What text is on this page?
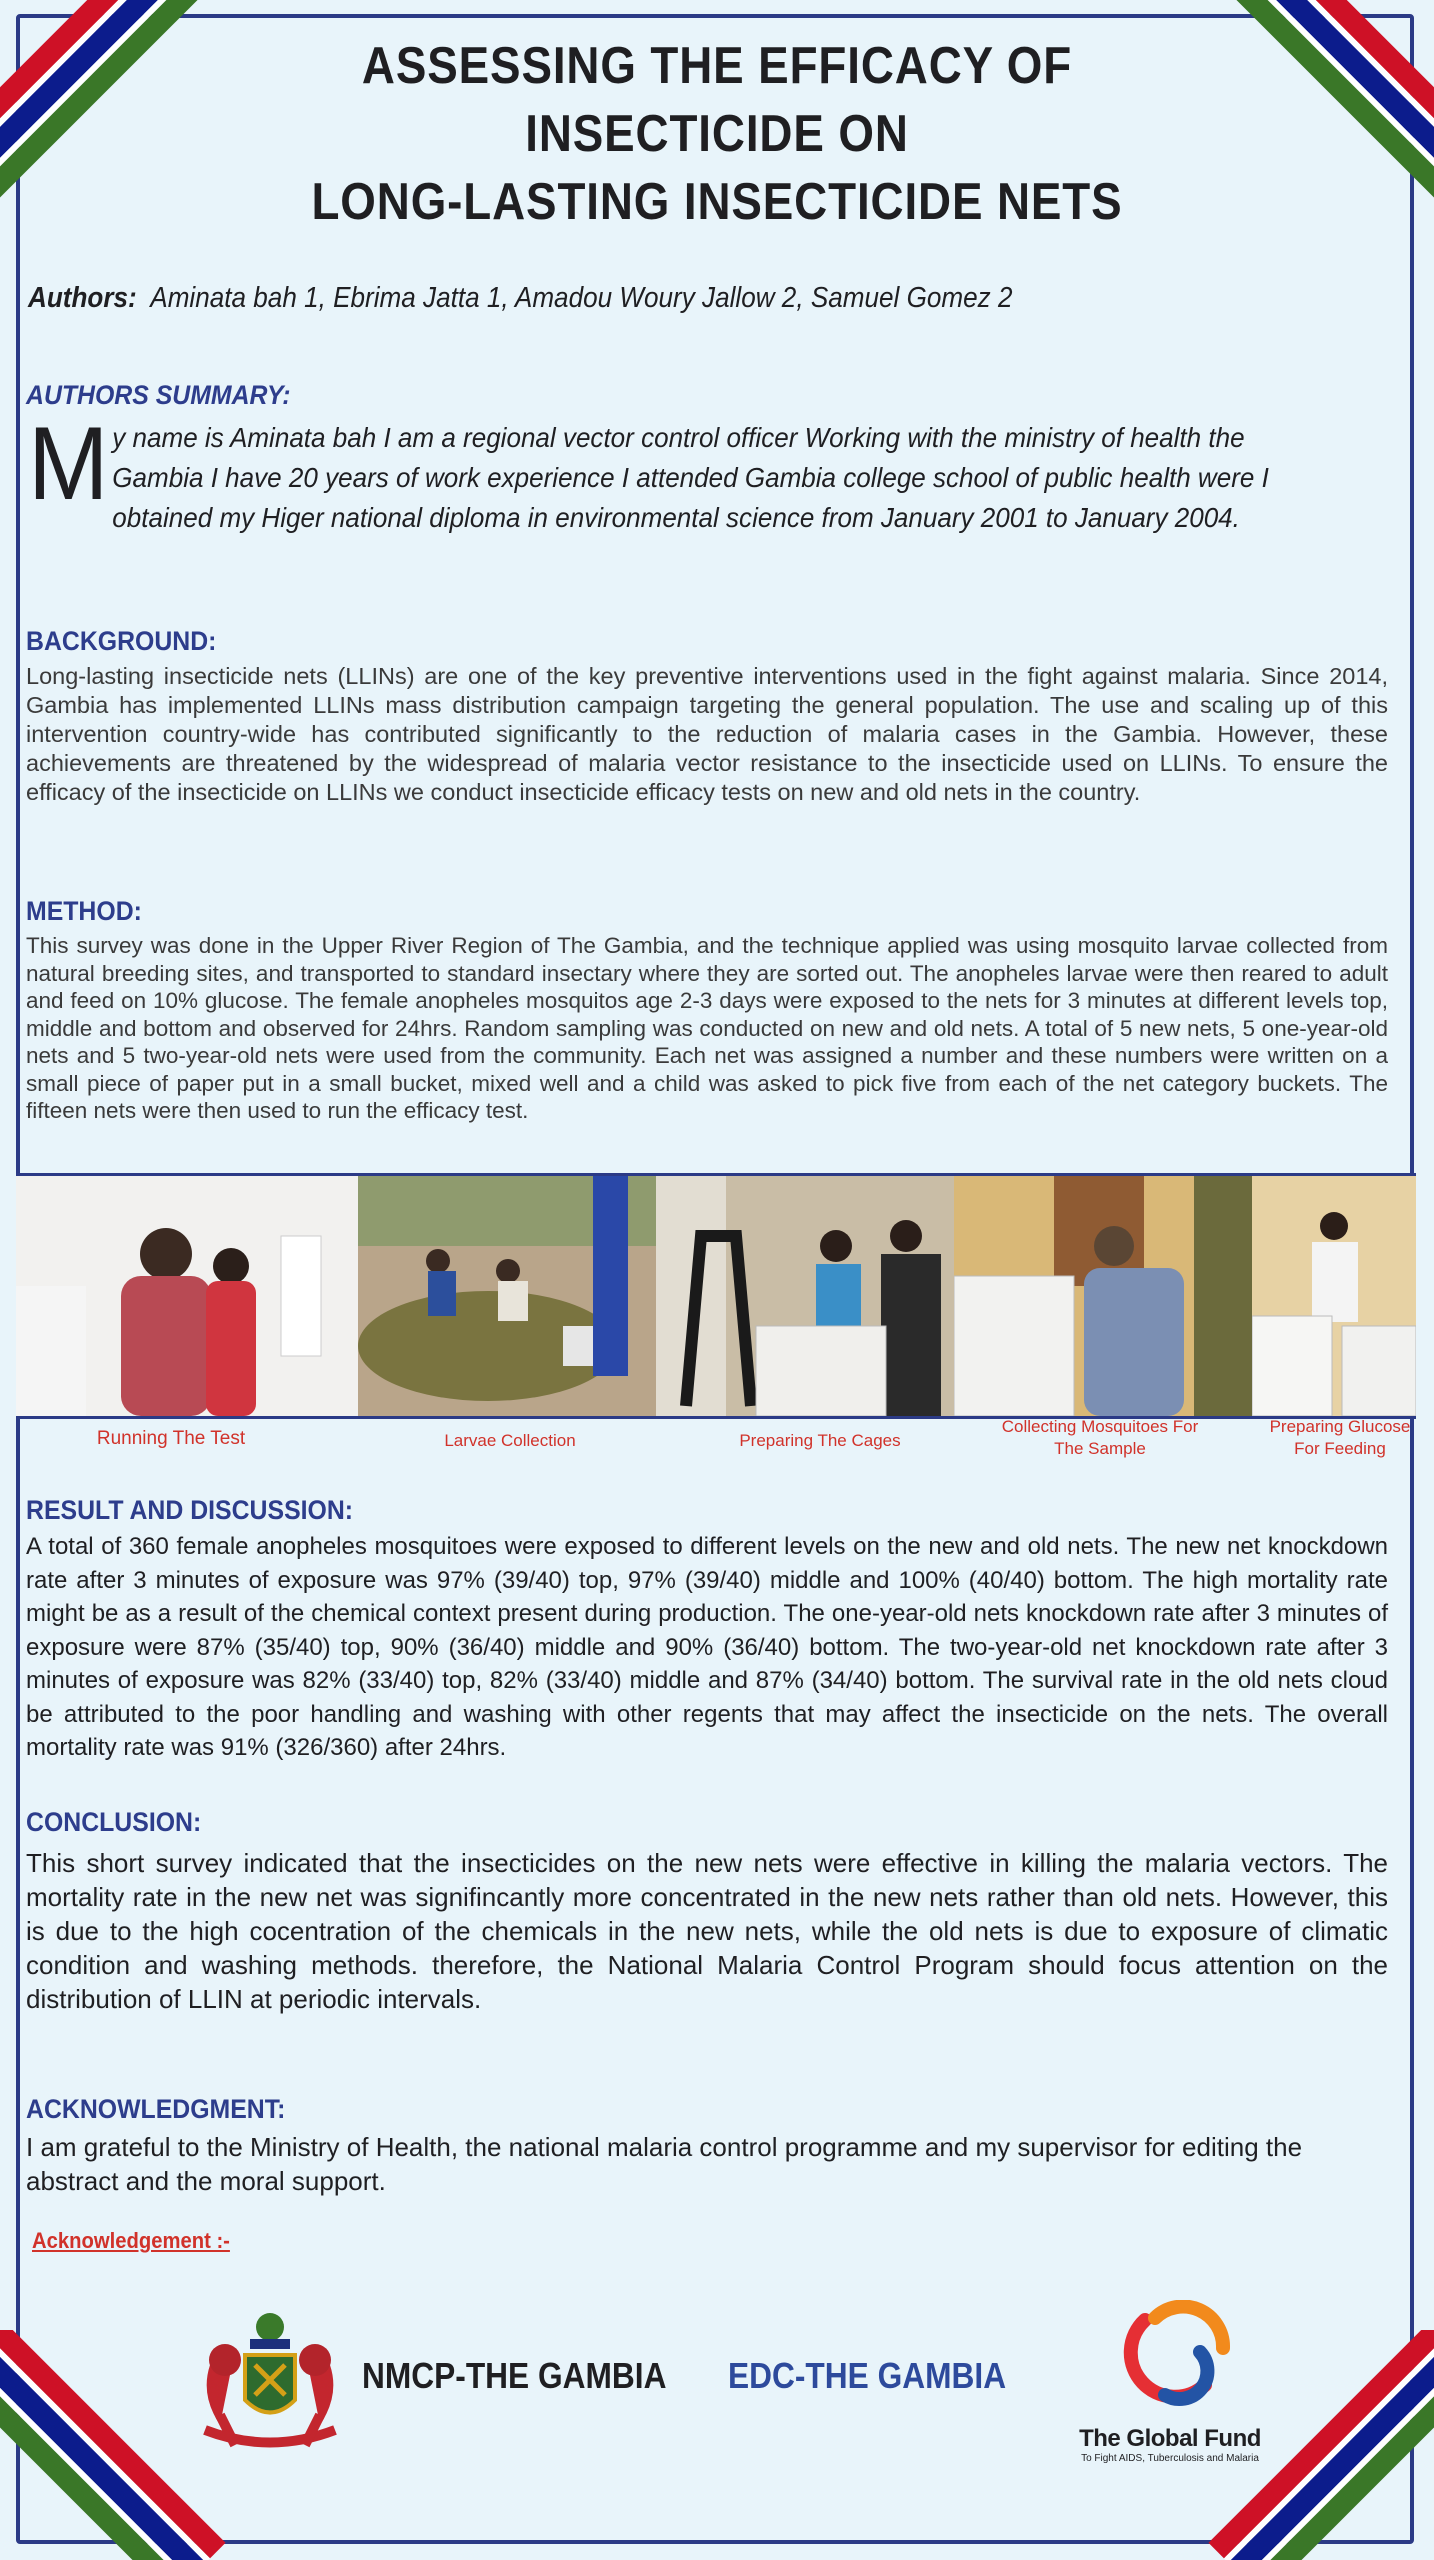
ASSESSING THE EFFICACY OF INSECTICIDE ON
LONG-LASTING INSECTICIDE NETS
Authors: Aminata bah 1, Ebrima Jatta 1, Amadou Woury Jallow 2, Samuel Gomez 2
AUTHORS SUMMARY:
M y name is Aminata bah I am a regional vector control officer Working with the ministry of health the Gambia I have 20 years of work experience I attended Gambia college school of public health were I obtained my Higer national diploma in environmental science from January 2001 to January 2004.
BACKGROUND:
Long-lasting insecticide nets (LLINs) are one of the key preventive interventions used in the fight against malaria. Since 2014, Gambia has implemented LLINs mass distribution campaign targeting the general population. The use and scaling up of this intervention country-wide has contributed significantly to the reduction of malaria cases in the Gambia. However, these achievements are threatened by the widespread of malaria vector resistance to the insecticide used on LLINs. To ensure the efficacy of the insecticide on LLINs we conduct insecticide efficacy tests on new and old nets in the country.
METHOD:
This survey was done in the Upper River Region of The Gambia, and the technique applied was using mosquito larvae collected from natural breeding sites, and transported to standard insectary where they are sorted out. The anopheles larvae were then reared to adult and feed on 10% glucose. The female anopheles mosquitos age 2-3 days were exposed to the nets for 3 minutes at different levels top, middle and bottom and observed for 24hrs. Random sampling was conducted on new and old nets. A total of 5 new nets, 5 one-year-old nets and 5 two-year-old nets were used from the community. Each net was assigned a number and these numbers were written on a small piece of paper put in a small bucket, mixed well and a child was asked to pick five from each of the net category buckets. The fifteen nets were then used to run the efficacy test.
Running The Test	Larvae Collection	Preparing The Cages
Collecting Mosquitoes For The Sample
Preparing Glucose For Feeding
RESULT AND DISCUSSION:
A total of 360 female anopheles mosquitoes were exposed to different levels on the new and old nets. The new net knockdown rate after 3 minutes of exposure was 97% (39/40) top, 97% (39/40) middle and 100% (40/40) bottom. The high mortality rate might be as a result of the chemical context present during production. The one-year-old nets knockdown rate after 3 minutes of exposure were 87% (35/40) top, 90% (36/40) middle and 90% (36/40) bottom. The two-year-old net knockdown rate after 3 minutes of exposure was 82% (33/40) top, 82% (33/40) middle and 87% (34/40) bottom. The survival rate in the old nets cloud be attributed to the poor handling and washing with other regents that may affect the insecticide on the nets. The overall mortality rate was 91% (326/360) after 24hrs.
CONCLUSION:
This short survey indicated that the insecticides on the new nets were effective in killing the malaria vectors. The mortality rate in the new net was signifincantly more concentrated in the new nets rather than old nets. However, this is due to the high cocentration of the chemicals in the new nets, while the old nets is due to exposure of climatic condition and washing methods. therefore, the National Malaria Control Program should focus attention on the distribution of LLIN at periodic intervals.
ACKNOWLEDGMENT:
I am grateful to the Ministry of Health, the national malaria control programme and my supervisor for editing the abstract and the moral support.
Acknowledgement :-
NMCP-THE GAMBIA EDC-THE GAMBIA
The Global Fund
To Fight AIDS, Tuberculosis and Malaria
